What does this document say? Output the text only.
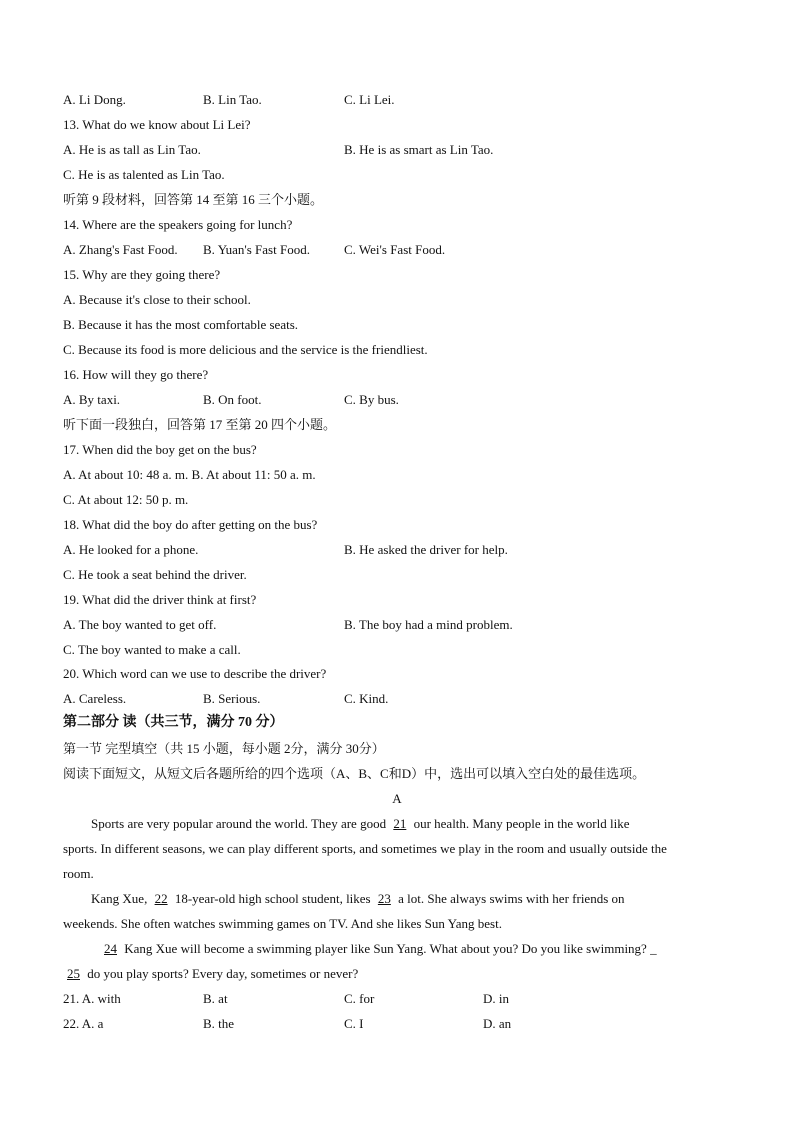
A. Li Dong.	B. Lin Tao.	C. Li Lei.
13. What do we know about Li Lei?
A. He is as tall as Lin Tao.	B. He is as smart as Lin Tao.
C. He is as talented as Lin Tao.
听第 9 段材料，回答第 14 至第 16 三个小题。
14. Where are the speakers going for lunch?
A. Zhang's Fast Food. B. Yuan's Fast Food.	C. Wei's Fast Food.
15. Why are they going there?
A. Because it's close to their school.
B. Because it has the most comfortable seats.
C. Because its food is more delicious and the service is the friendliest.
16. How will they go there?
A. By taxi.	B. On foot.	C. By bus.
听下面一段独白，回答第 17 至第 20 四个小题。
17. When did the boy get on the bus?
A. At about 10: 48 a. m. B. At about 11: 50 a. m.
C. At about 12: 50 p. m.
18. What did the boy do after getting on the bus?
A. He looked for a phone.	B. He asked the driver for help.
C. He took a seat behind the driver.
19. What did the driver think at first?
A. The boy wanted to get off.	B. The boy had a mind problem.
C. The boy wanted to make a call.
20. Which word can we use to describe the driver?
A. Careless.	B. Serious.	C. Kind.
第二部分 读（共三节，满分 70 分）
第一节 完型填空（共 15 小题，每小题 2分，满分 30分）
阅读下面短文，从短文后各题所给的四个选项（A、B、C和D）中，选出可以填入空白处的最佳选项。
A
Sports are very popular around the world. They are good 21 our health. Many people in the world like
sports. In different seasons, we can play different sports, and sometimes we play in the room and usually outside the
room.
Kang Xue, 22 18-year-old high school student, likes 23 a lot. She always swims with her friends on
weekends. She often watches swimming games on TV. And she likes Sun Yang best.
24 Kang Xue will become a swimming player like Sun Yang. What about you? Do you like swimming? _
25 do you play sports? Every day, sometimes or never?
21. A. with	B. at	C. for	D. in
22. A. a	B. the	C. I	D. an
